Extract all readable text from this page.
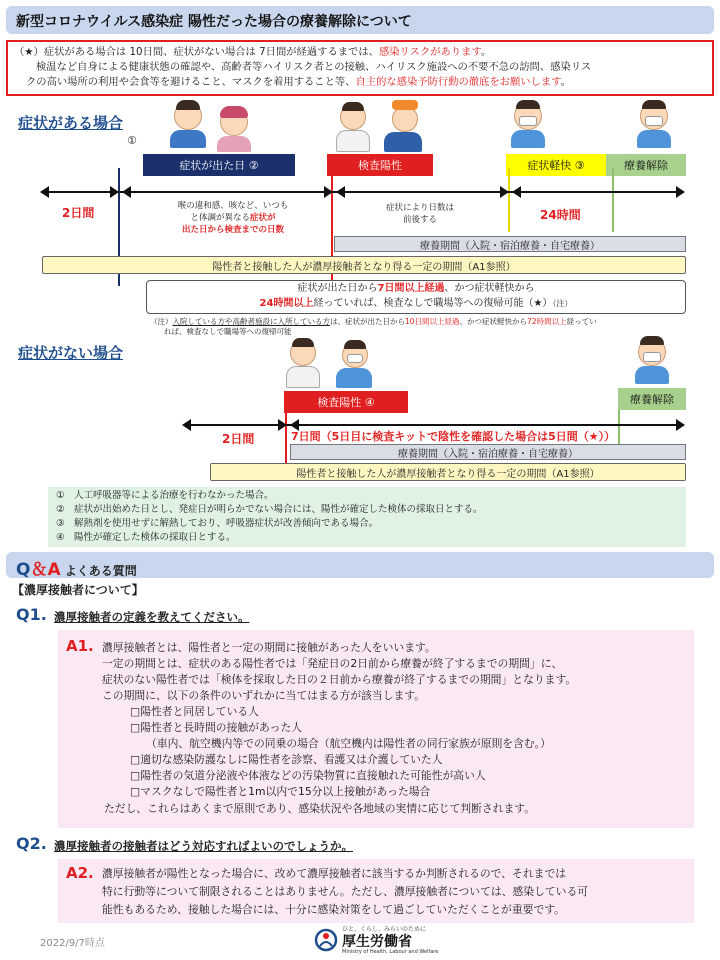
新型コロナウイルス感染症 陽性だった場合の療養解除について
（★）症状がある場合は 10日間、症状がない場合は 7日間が経過するまでは、感染リスクがあります。
検温など自身による健康状態の確認や、高齢者等ハイリスク者との接触、ハイリスク施設への不要不急の訪問、感染リス
クの高い場所の利用や会食等を避けること、マスクを着用すること等、自主的な感染予防行動の徹底をお願いします。
症状がある場合
①
症状が出た日 ②	検査陽性	症状軽快 ③	療養解除
2日間	24時間
喉の違和感、咳など、いつも
と体調が異なる症状が
出た日から検査までの日数
症状により日数は
前後する
療養期間（入院・宿泊療養・自宅療養）
陽性者と接触した人が濃厚接触者となり得る一定の期間（A1参照）
症状が出た日から7日間以上経過、かつ症状軽快から
24時間以上経っていれば、検査なしで職場等への復帰可能（★）（注）
（注）入院している方や高齢者施設に入所している方は、症状が出た日から10日間以上経過、かつ症状軽快から72時間以上経ってい
れば、検査なしで職場等への復帰可能
症状がない場合
検査陽性 ④	療養解除
2日間	7日間（5日目に検査キットで陰性を確認した場合は5日間（★））
療養期間（入院・宿泊療養・自宅療養）
陽性者と接触した人が濃厚接触者となり得る一定の期間（A1参照）
①　人工呼吸器等による治療を行わなかった場合。
②　症状が出始めた日とし、発症日が明らかでない場合には、陽性が確定した検体の採取日とする。
③　解熱剤を使用せずに解熱しており、呼吸器症状が改善傾向である場合。
④　陽性が確定した検体の採取日とする。
Q＆A よくある質問
【濃厚接触者について】
Q1. 濃厚接触者の定義を教えてください。
A1. 濃厚接触者とは、陽性者と一定の期間に接触があった人をいいます。
一定の期間とは、症状のある陽性者では「発症日の2日前から療養が終了するまでの期間」に、
症状のない陽性者では「検体を採取した日の２日前から療養が終了するまでの期間」となります。
この期間に、以下の条件のいずれかに当てはまる方が該当します。
□陽性者と同居している人
□陽性者と長時間の接触があった人
（車内、航空機内等での同乗の場合（航空機内は陽性者の同行家族が原則を含む。）
□適切な感染防護なしに陽性者を診察、看護又は介護していた人
□陽性者の気道分泌液や体液などの汚染物質に直接触れた可能性が高い人
□マスクなしで陽性者と1m以内で15分以上接触があった場合
ただし、これらはあくまで原則であり、感染状況や各地域の実情に応じて判断されます。
Q2. 濃厚接触者の接触者はどう対応すればよいのでしょうか。
A2. 濃厚接触者が陽性となった場合に、改めて濃厚接触者に該当するか判断されるので、それまでは
特に行動等について制限されることはありません。ただし、濃厚接触者については、感染している可
能性もあるため、接触した場合には、十分に感染対策をして過ごしていただくことが重要です。
2022/9/7時点
ひと、くらし、みらいのために
厚生労働省
Ministry of Health, Labour and Welfare
